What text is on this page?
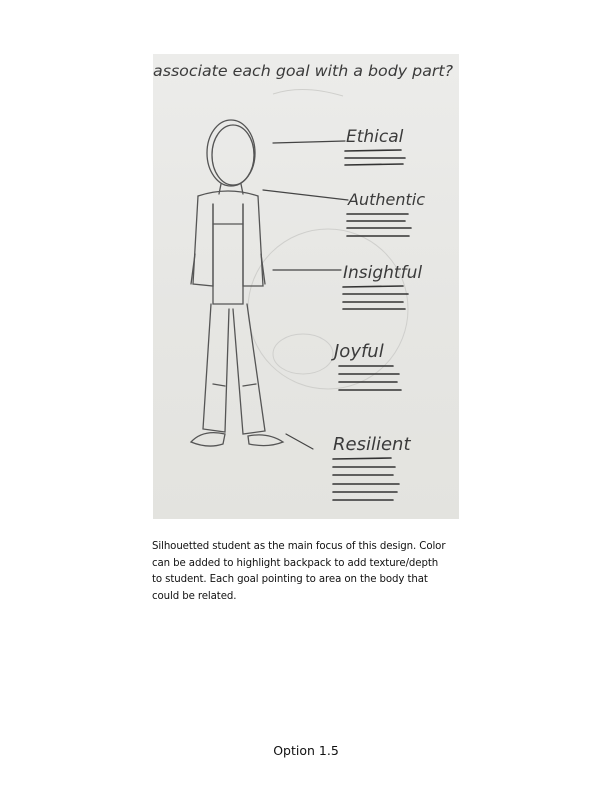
associate each goal with a body part?
Ethical
Authentic
Insightful
Joyful
Resilient
Silhouetted student as the main focus of this design. Color
can be added to highlight backpack to add texture/depth
to student. Each goal pointing to area on the body that
could be related.
Option 1.5
